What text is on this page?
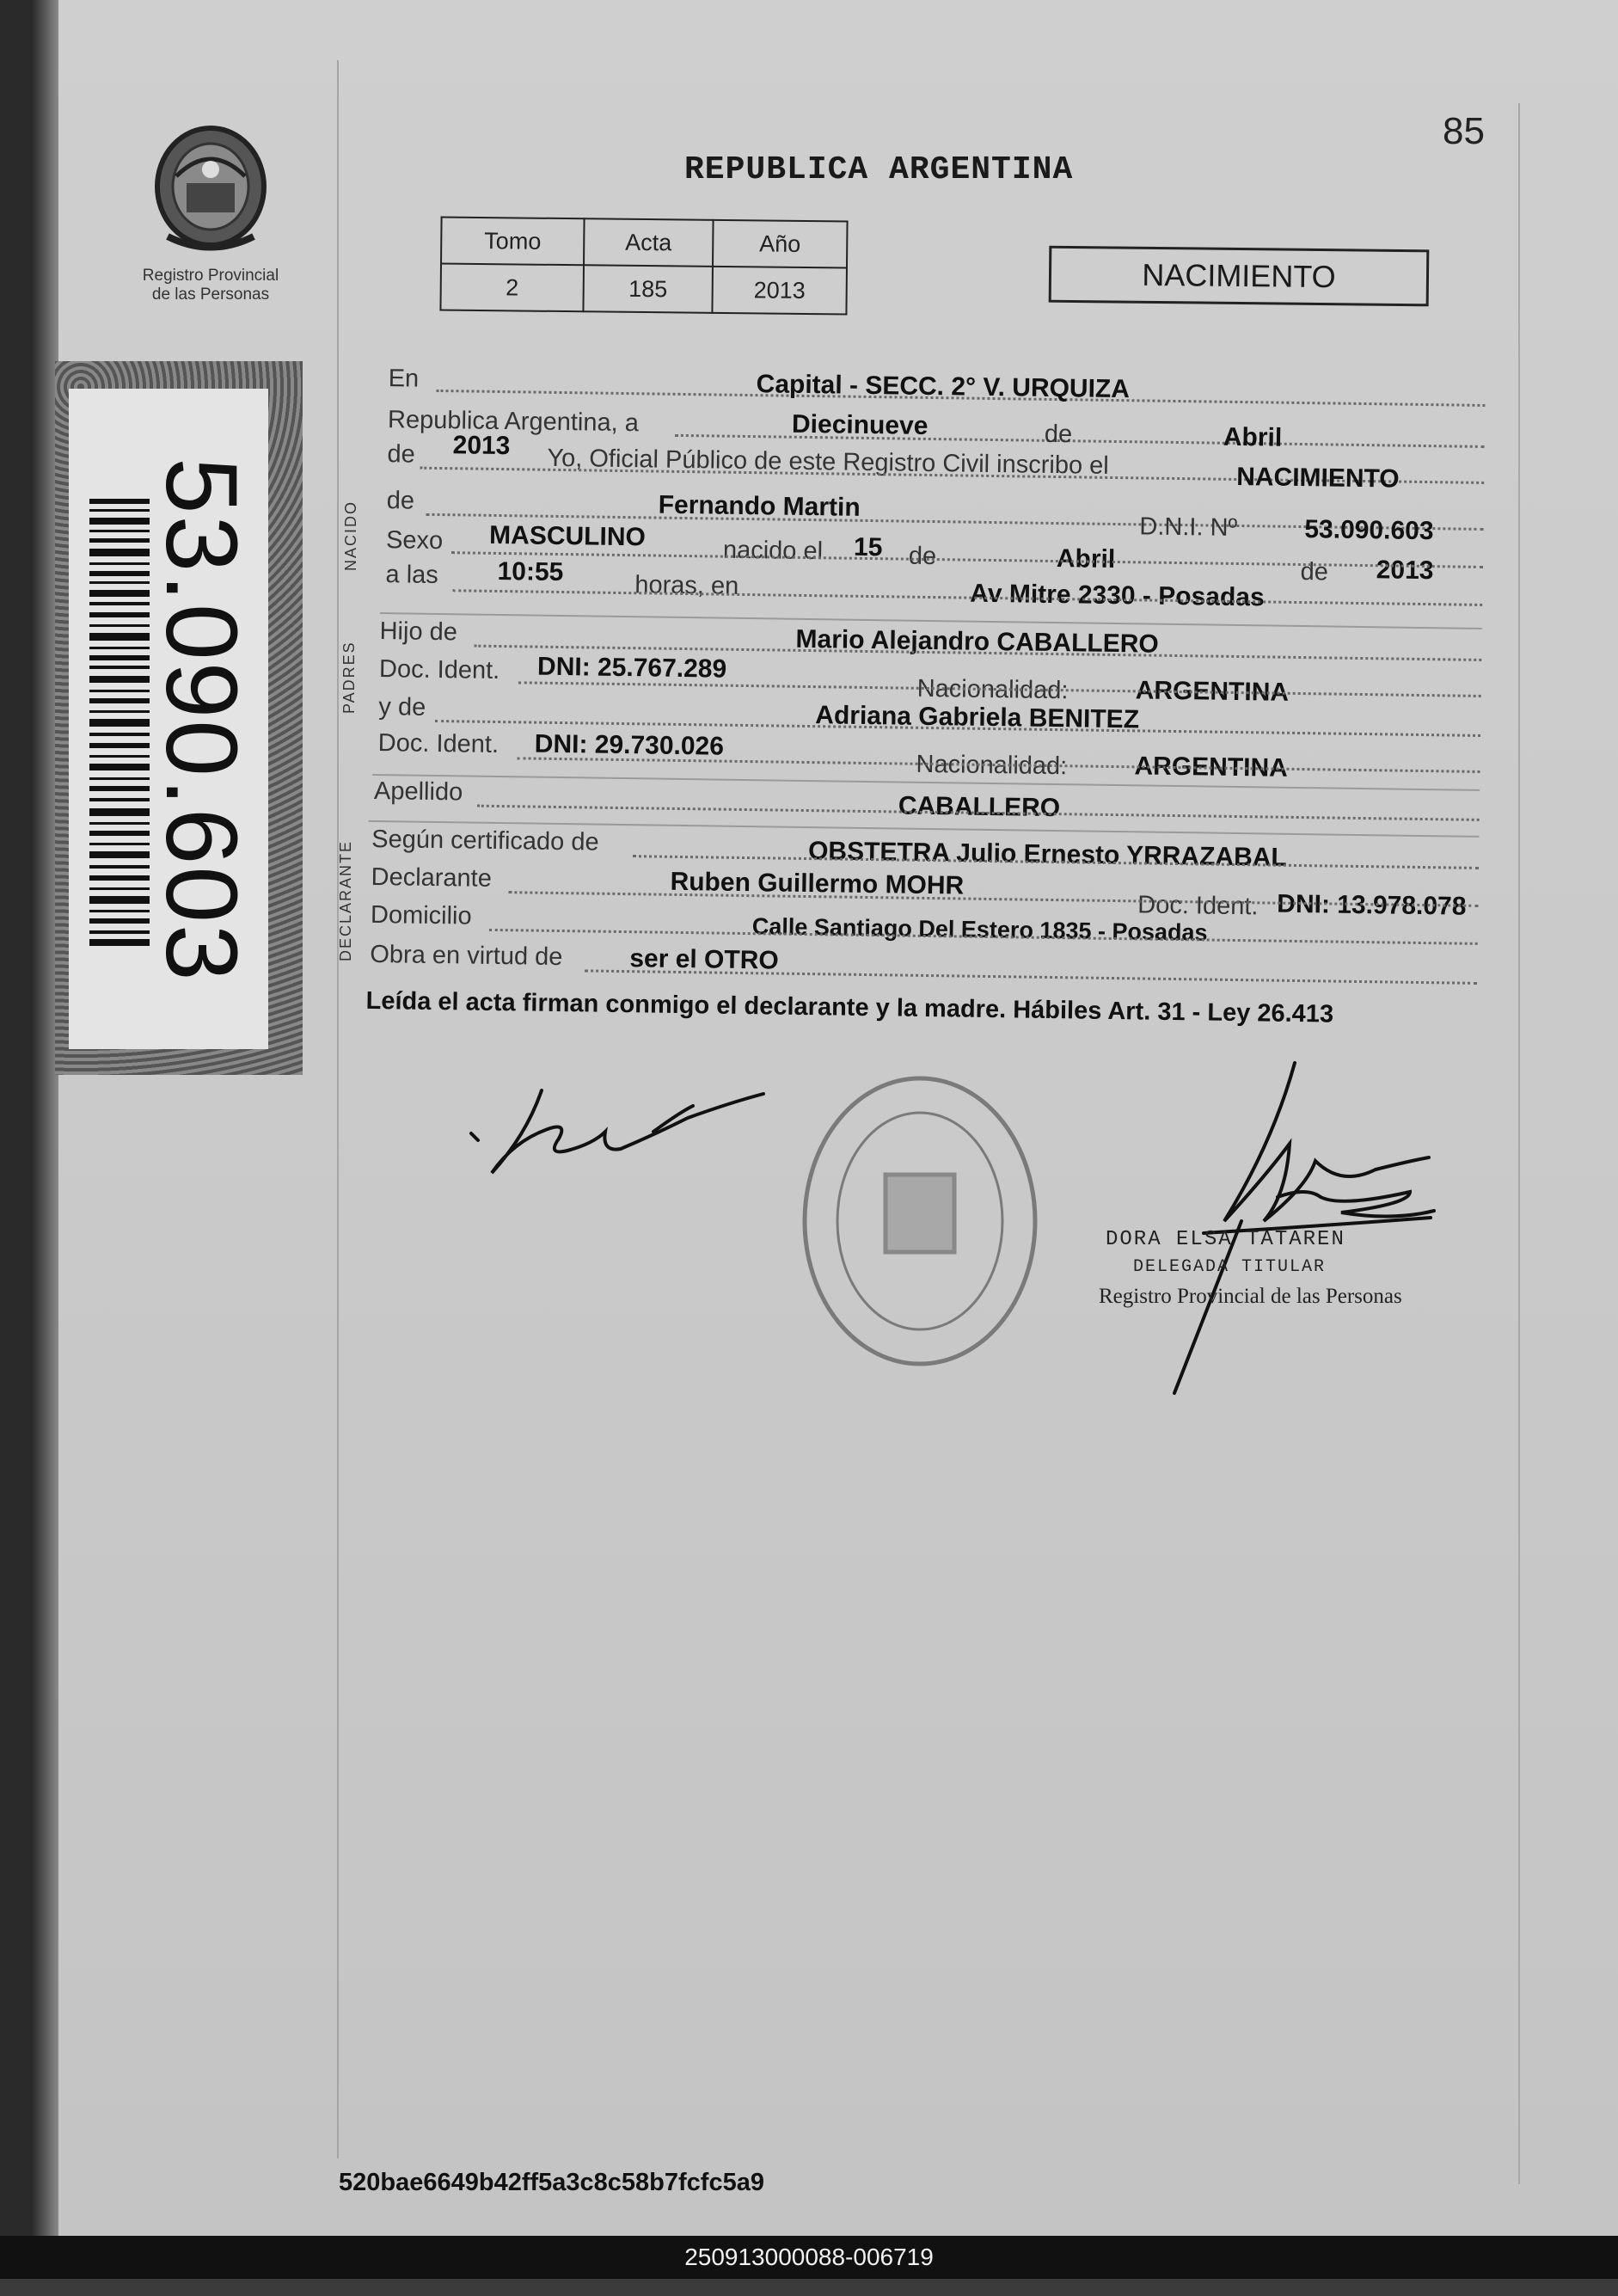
85
Registro Provincial
de las Personas
REPUBLICA ARGENTINA
Tomo	Acta	Año
2	185	2013	NACIMIENTO
53.090.603	NACIDO
PADRES
DECLARANTE
En	Capital - SECC. 2° V. URQUIZA
Republica Argentina, a	Diecinueve	de	Abril
de 2013 Yo, Oficial Público de este Registro Civil inscribo el	NACIMIENTO
de	Fernando Martin
D.N.I. Nº	53.090.603
Sexo MASCULINO	nacido el 15 de	Abril	de 2013
a las 10:55	horas, en	Av Mitre 2330 - Posadas
Hijo de	Mario Alejandro CABALLERO
Doc. Ident. DNI: 25.767.289
Nacionalidad:	ARGENTINA
y de	Adriana Gabriela BENITEZ
Doc. Ident. DNI: 29.730.026
Nacionalidad:	ARGENTINA
Apellido	CABALLERO
Según certificado de	OBSTETRA Julio Ernesto YRRAZABAL
Declarante	Ruben Guillermo MOHR
Doc. Ident. DNI: 13.978.078
Domicilio	Calle Santiago Del Estero 1835 - Posadas
Obra en virtud de	ser el OTRO
Leída el acta firman conmigo el declarante y la madre. Hábiles Art. 31 - Ley 26.413
DORA ELSA TATAREN
DELEGADA TITULAR
Registro Provincial de las Personas
520bae6649b42ff5a3c8c58b7fcfc5a9
250913000088-006719
